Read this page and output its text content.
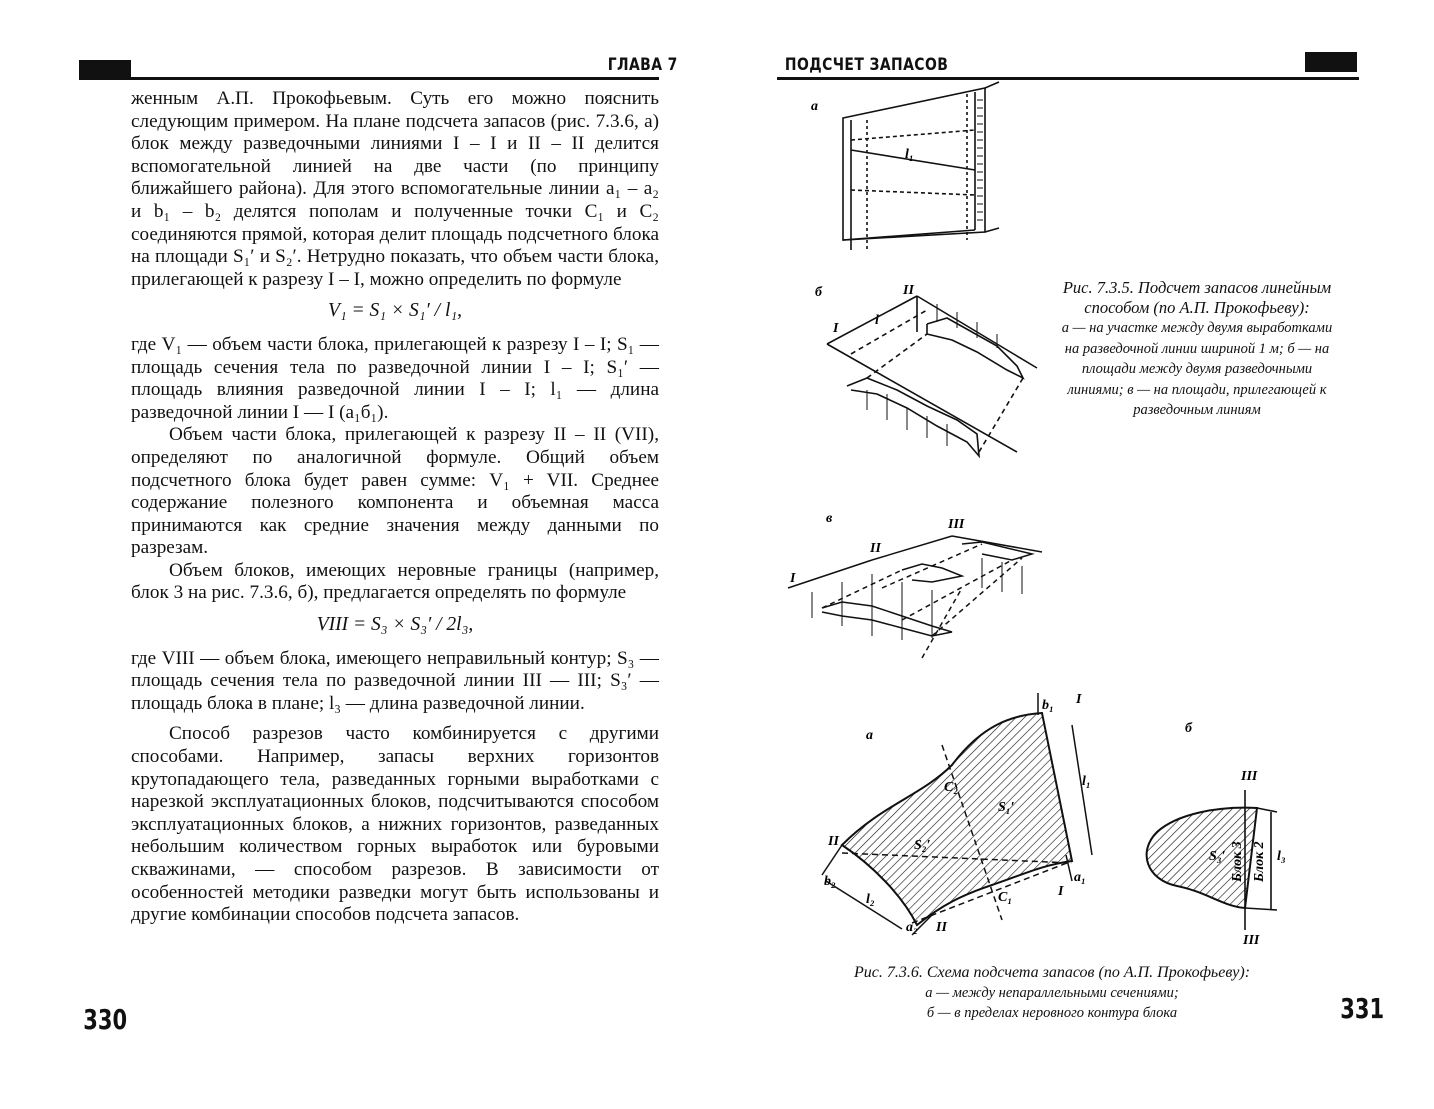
ГЛАВА 7

женным А.П. Прокофьевым. Суть его можно пояснить следующим примером. На плане подсчета запасов (рис. 7.3.6, а) блок между разведочными линиями I – I и II – II делится вспомогательной линией на две части (по принципу ближайшего района). Для этого вспомогательные линии a₁ – a₂ и b₁ – b₂ делятся пополам и полученные точки C₁ и C₂ соединяются прямой, которая делит площадь подсчетного блока на площади S₁′ и S₂′. Нетрудно показать, что объем части блока, прилегающей к разрезу I – I, можно определить по формуле

V₁ = S₁ × S₁′ / l₁,

где V₁ — объем части блока, прилегающей к разрезу I – I; S₁ — площадь сечения тела по разведочной линии I – I; S₁′ — площадь влияния разведочной линии I – I; l₁ — длина разведочной линии I — I (a₁б₁).

Объем части блока, прилегающей к разрезу II – II (VII), определяют по аналогичной формуле. Общий объем подсчетного блока будет равен сумме: V₁ + VII. Среднее содержание полезного компонента и объемная масса принимаются как средние значения между данными по разрезам.

Объем блоков, имеющих неровные границы (например, блок 3 на рис. 7.3.6, б), предлагается определять по формуле

VIII = S₃ × S₃′ / 2l₃,

где VIII — объем блока, имеющего неправильный контур; S₃ — площадь сечения тела по разведочной линии III — III; S₃′ — площадь блока в плане; l₃ — длина разведочной линии.

Способ разрезов часто комбинируется с другими способами. Например, запасы верхних горизонтов крутопадающего тела, разведанных горными выработками с нарезкой эксплуатационных блоков, подсчитываются способом эксплуатационных блоков, а нижних горизонтов, разведанных небольшим количеством горных выработок или буровыми скважинами, — способом разрезов. В зависимости от особенностей методики разведки могут быть использованы и другие комбинации способов подсчета запасов.

330
ПОДСЧЕТ ЗАПАСОВ
а
l₁
б	II
I
l
Рис. 7.3.5. Подсчет запасов линейным способом (по А.П. Прокофьеву):
а — на участке между двумя выработками на разведочной линии шириной 1 м; б — на площади между двумя разведочными линиями; в — на площади, прилегающей к разведочным линиям
в
I
II
III
а
b₁
a₁
b₂
a₂
C₂
C₁
S₁′
S₂′
l₁
l₂
I
II
II
I
б
III
III
S₃′ Блок 3 Блок 2 l₃
Рис. 7.3.6. Схема подсчета запасов (по А.П. Прокофьеву):
а — между непараллельными сечениями;
б — в пределах неровного контура блока	331
